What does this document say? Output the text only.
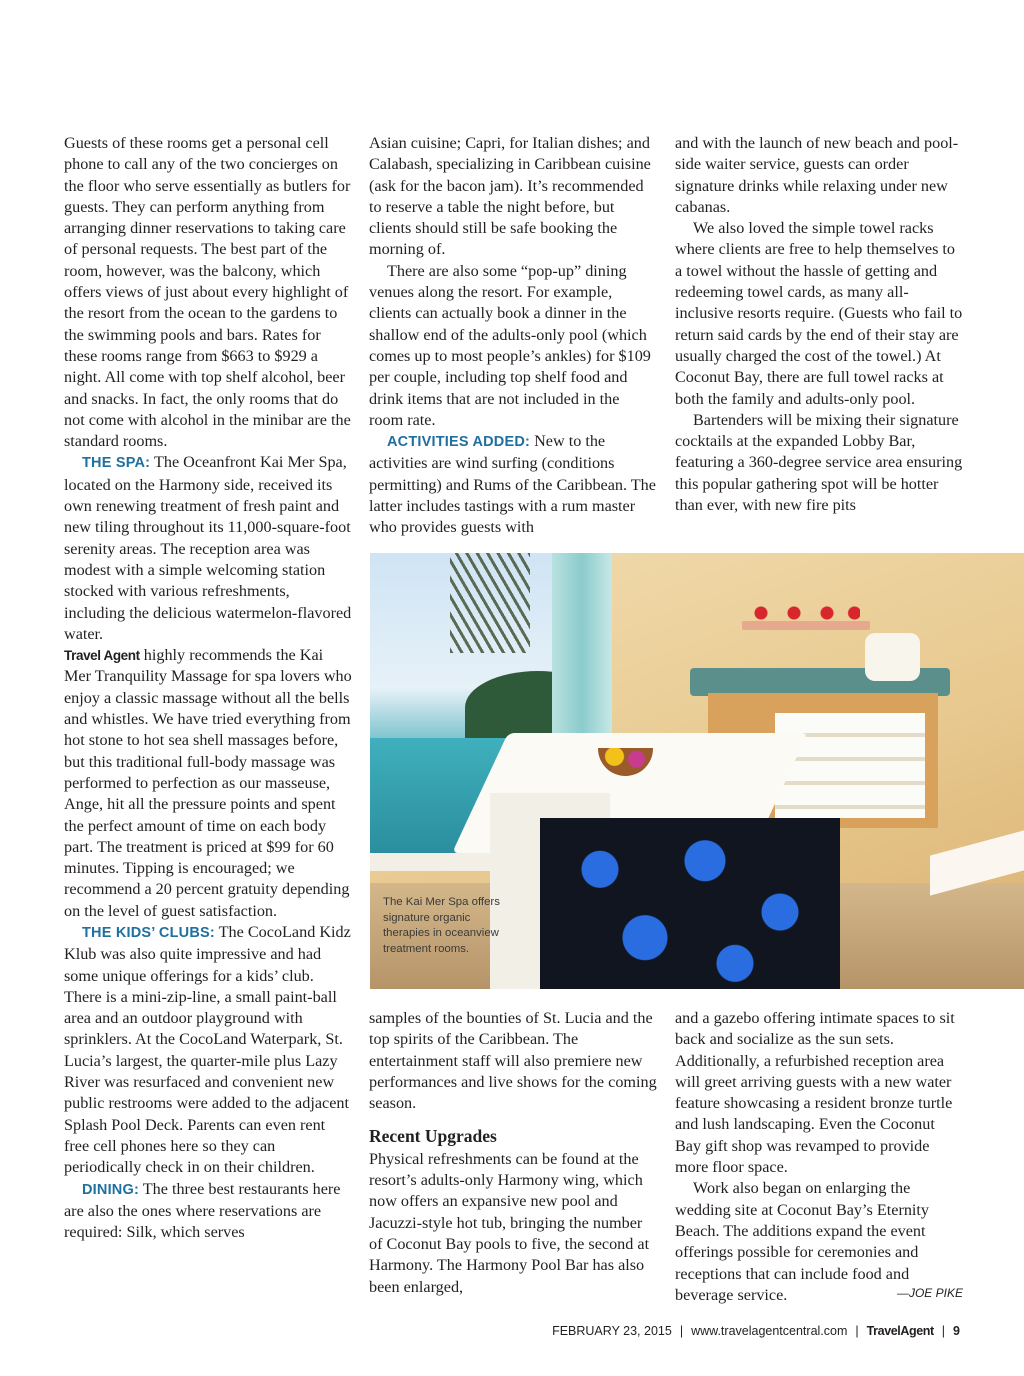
Guests of these rooms get a personal cell phone to call any of the two concierges on the floor who serve essentially as butlers for guests. They can perform anything from arranging dinner reservations to taking care of personal requests. The best part of the room, however, was the balcony, which offers views of just about every highlight of the resort from the ocean to the gardens to the swimming pools and bars. Rates for these rooms range from $663 to $929 a night. All come with top shelf alcohol, beer and snacks. In fact, the only rooms that do not come with alcohol in the minibar are the standard rooms.

THE SPA: The Oceanfront Kai Mer Spa, located on the Harmony side, received its own renewing treatment of fresh paint and new tiling throughout its 11,000-square-foot serenity areas. The reception area was modest with a simple welcoming station stocked with various refreshments, including the delicious watermelon-flavored water.

Travel Agent highly recommends the Kai Mer Tranquility Massage for spa lovers who enjoy a classic massage without all the bells and whistles. We have tried everything from hot stone to hot sea shell massages before, but this traditional full-body massage was performed to perfection as our masseuse, Ange, hit all the pressure points and spent the perfect amount of time on each body part. The treatment is priced at $99 for 60 minutes. Tipping is encouraged; we recommend a 20 percent gratuity depending on the level of guest satisfaction.

THE KIDS’ CLUBS: The CocoLand Kidz Klub was also quite impressive and had some unique offerings for a kids’ club. There is a mini-zip-line, a small paint-ball area and an outdoor playground with sprinklers. At the CocoLand Waterpark, St. Lucia’s largest, the quarter-mile plus Lazy River was resurfaced and convenient new public restrooms were added to the adjacent Splash Pool Deck. Parents can even rent free cell phones here so they can periodically check in on their children.

DINING: The three best restaurants here are also the ones where reservations are required: Silk, which serves

Asian cuisine; Capri, for Italian dishes; and Calabash, specializing in Caribbean cuisine (ask for the bacon jam). It’s recommended to reserve a table the night before, but clients should still be safe booking the morning of.

There are also some “pop-up” dining venues along the resort. For example, clients can actually book a dinner in the shallow end of the adults-only pool (which comes up to most people’s ankles) for $109 per couple, including top shelf food and drink items that are not included in the room rate.

ACTIVITIES ADDED: New to the activities are wind surfing (conditions permitting) and Rums of the Caribbean. The latter includes tastings with a rum master who provides guests with

and with the launch of new beach and pool-side waiter service, guests can order signature drinks while relaxing under new cabanas.

We also loved the simple towel racks where clients are free to help themselves to a towel without the hassle of getting and redeeming towel cards, as many all-inclusive resorts require. (Guests who fail to return said cards by the end of their stay are usually charged the cost of the towel.) At Coconut Bay, there are full towel racks at both the family and adults-only pool.

Bartenders will be mixing their signature cocktails at the expanded Lobby Bar, featuring a 360-degree service area ensuring this popular gathering spot will be hotter than ever, with new fire pits

The Kai Mer Spa offers signature organic therapies in oceanview treatment rooms.

samples of the bounties of St. Lucia and the top spirits of the Caribbean. The entertainment staff will also premiere new performances and live shows for the coming season.

Recent Upgrades

Physical refreshments can be found at the resort’s adults-only Harmony wing, which now offers an expansive new pool and Jacuzzi-style hot tub, bringing the number of Coconut Bay pools to five, the second at Harmony. The Harmony Pool Bar has also been enlarged,

and a gazebo offering intimate spaces to sit back and socialize as the sun sets. Additionally, a refurbished reception area will greet arriving guests with a new water feature showcasing a resident bronze turtle and lush landscaping. Even the Coconut Bay gift shop was revamped to provide more floor space.

Work also began on enlarging the wedding site at Coconut Bay’s Eternity Beach. The additions expand the event offerings possible for ceremonies and receptions that can include food and beverage service.	—JOE PIKE

FEBRUARY 23, 2015 | www.travelagentcentral.com | TravelAgent | 9
